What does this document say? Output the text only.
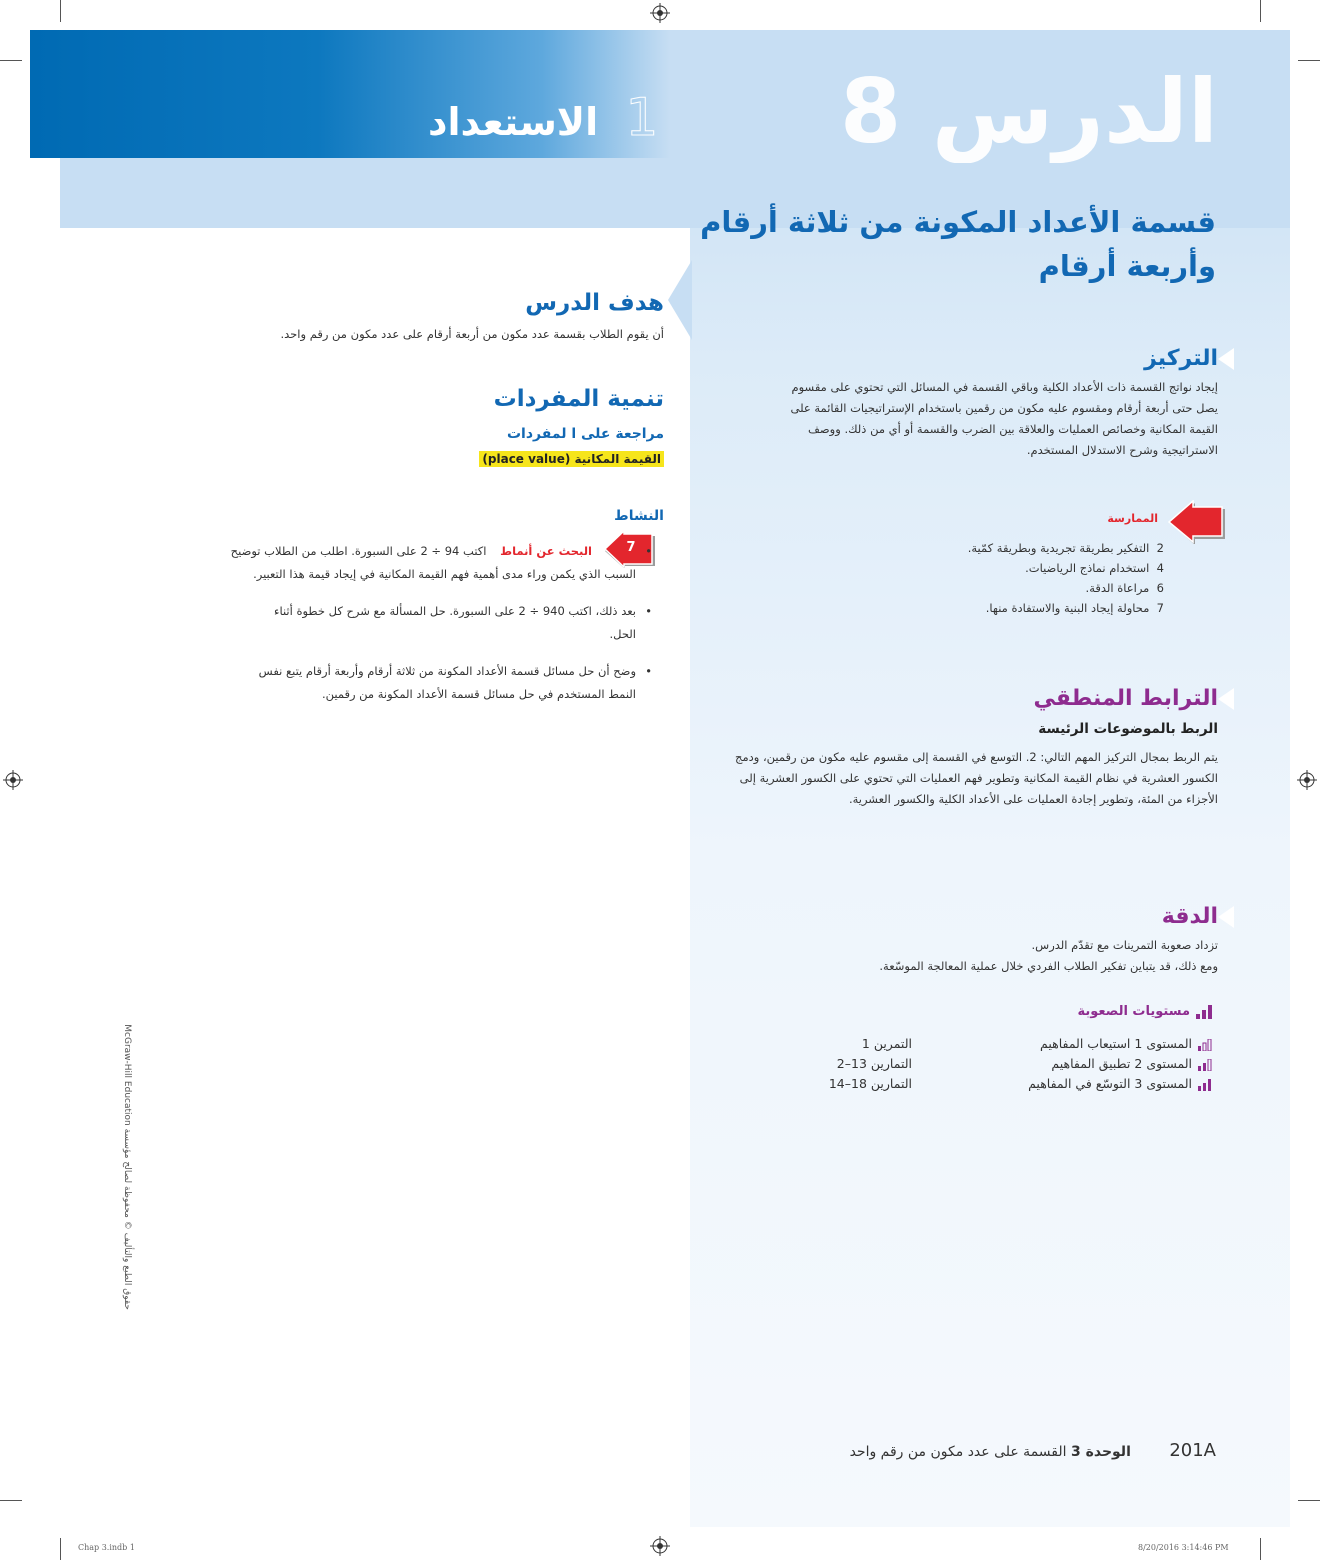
الدرس 8
1 الاستعداد
قسمة الأعداد المكونة من ثلاثة أرقام
وأربعة أرقام
هدف الدرس
أن يقوم الطلاب بقسمة عدد مكون من أربعة أرقام على عدد مكون من رقم واحد.
تنمية المفردات
مراجعة على ا لمفردات
القيمة المكانية (place value)
النشاط
7
• البحث عن أنماط اكتب 94 ÷ 2 على السبورة. اطلب من الطلاب توضيح
السبب الذي يكمن وراء مدى أهمية فهم القيمة المكانية في إيجاد قيمة هذا التعبير.
• بعد ذلك، اكتب 940 ÷ 2 على السبورة. حل المسألة مع شرح كل خطوة أثناء
الحل.
• وضح أن حل مسائل قسمة الأعداد المكونة من ثلاثة أرقام وأربعة أرقام يتبع نفس
النمط المستخدم في حل مسائل قسمة الأعداد المكونة من رقمين.
التركيز
إيجاد نواتج القسمة ذات الأعداد الكلية وباقي القسمة في المسائل التي تحتوي على مقسوم
يصل حتى أربعة أرقام ومقسوم عليه مكون من رقمين باستخدام الإستراتيجيات القائمة على
القيمة المكانية وخصائص العمليات والعلاقة بين الضرب والقسمة أو أي من ذلك. ووصف
الاستراتيجية وشرح الاستدلال المستخدم.
الممارسة
2  التفكير بطريقة تجريدية وبطريقة كمّية.
4  استخدام نماذج الرياضيات.
6  مراعاة الدقة.
7  محاولة إيجاد البنية والاستفادة منها.
الترابط المنطقي
الربط بالموضوعات الرئيسة
يتم الربط بمجال التركيز المهم التالي: 2. التوسع في القسمة إلى مقسوم عليه مكون من رقمين، ودمج
الكسور العشرية في نظام القيمة المكانية وتطوير فهم العمليات التي تحتوي على الكسور العشرية إلى
الأجزاء من المئة، وتطوير إجادة العمليات على الأعداد الكلية والكسور العشرية.
الدقة
تزداد صعوبة التمرينات مع تقدّم الدرس.
ومع ذلك، قد يتباين تفكير الطلاب الفردي خلال عملية المعالجة الموسّعة.
مستويات الصعوبة
المستوى 1 استيعاب المفاهيم
التمرين 1
المستوى 2 تطبيق المفاهيم
التمارين 13–2
المستوى 3 التوسّع في المفاهيم
التمارين 18–14
حقوق الطبع والتأليف © محفوظة لصالح مؤسسة McGraw-Hill Education
201A الوحدة 3 القسمة على عدد مكون من رقم واحد
Chap 3.indb 1	8/20/2016 3:14:46 PM
